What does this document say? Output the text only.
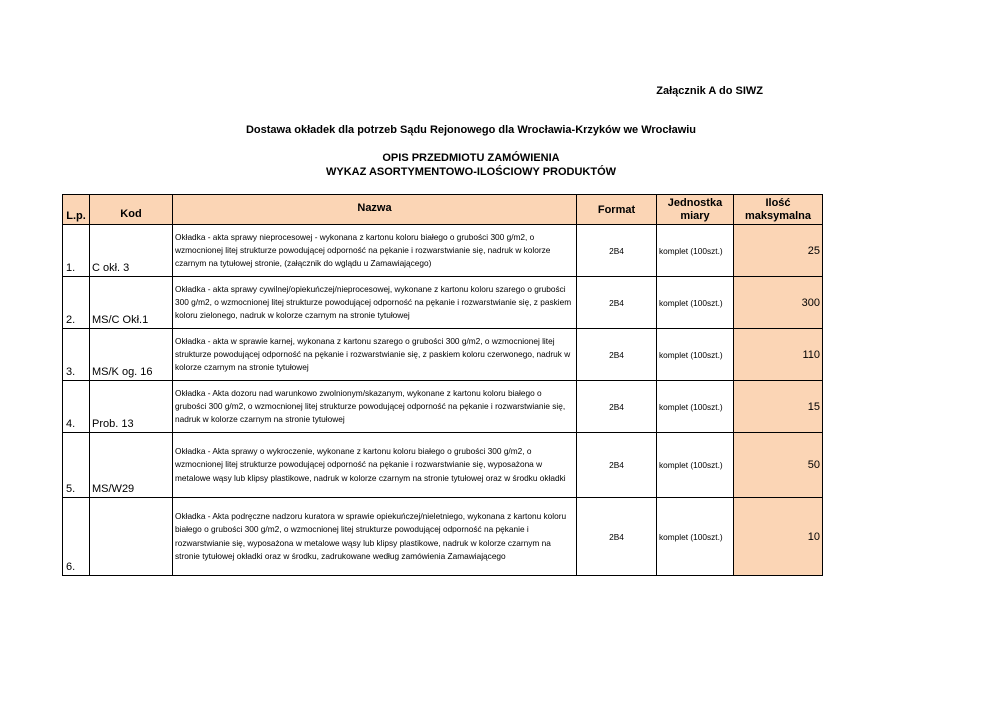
Załącznik A do SIWZ
Dostawa okładek dla potrzeb Sądu Rejonowego dla Wrocławia-Krzyków we Wrocławiu
OPIS PRZEDMIOTU ZAMÓWIENIA
WYKAZ ASORTYMENTOWO-ILOŚCIOWY PRODUKTÓW
L.p.	Kod	Nazwa	Format	Jednostka miary	Ilość maksymalna
1.	C okł. 3	Okładka - akta sprawy nieprocesowej - wykonana z kartonu koloru białego o grubości 300 g/m2, o wzmocnionej litej strukturze powodującej odporność na pękanie i rozwarstwianie się, nadruk w kolorze czarnym na tytułowej stronie, (załącznik do wglądu u Zamawiającego)	2B4	komplet (100szt.)	25
2.	MS/C Okł.1	Okładka - akta sprawy cywilnej/opiekuńczej/nieprocesowej, wykonane z kartonu koloru szarego o grubości 300 g/m2, o wzmocnionej litej strukturze powodującej odporność na pękanie i rozwarstwianie się, z paskiem koloru zielonego, nadruk w kolorze czarnym na stronie tytułowej	2B4	komplet (100szt.)	300
3.	MS/K og. 16	Okładka - akta w sprawie karnej, wykonana z kartonu szarego o grubości 300 g/m2, o wzmocnionej litej strukturze powodującej odporność na pękanie i rozwarstwianie się, z paskiem koloru czerwonego, nadruk w kolorze czarnym na stronie tytułowej	2B4	komplet (100szt.)	110
4.	Prob. 13	Okładka - Akta dozoru nad warunkowo zwolnionym/skazanym, wykonane z kartonu koloru białego o grubości 300 g/m2, o wzmocnionej litej strukturze powodującej odporność na pękanie i rozwarstwianie się, nadruk w kolorze czarnym na stronie tytułowej	2B4	komplet (100szt.)	15
5.	MS/W29	Okładka - Akta sprawy o wykroczenie, wykonane z kartonu koloru białego o grubości 300 g/m2, o wzmocnionej litej strukturze powodującej odporność na pękanie i rozwarstwianie się, wyposażona w metalowe wąsy lub klipsy plastikowe, nadruk w kolorze czarnym na stronie tytułowej oraz w środku okładki	2B4	komplet (100szt.)	50
6.		Okładka - Akta podręczne nadzoru kuratora w sprawie opiekuńczej/nieletniego, wykonana z kartonu koloru białego o grubości 300 g/m2, o wzmocnionej litej strukturze powodującej odporność na pękanie i rozwarstwianie się, wyposażona w metalowe wąsy lub klipsy plastikowe, nadruk w kolorze czarnym na stronie tytułowej okładki oraz w środku, zadrukowane według zamówienia Zamawiającego	2B4	komplet (100szt.)	10
